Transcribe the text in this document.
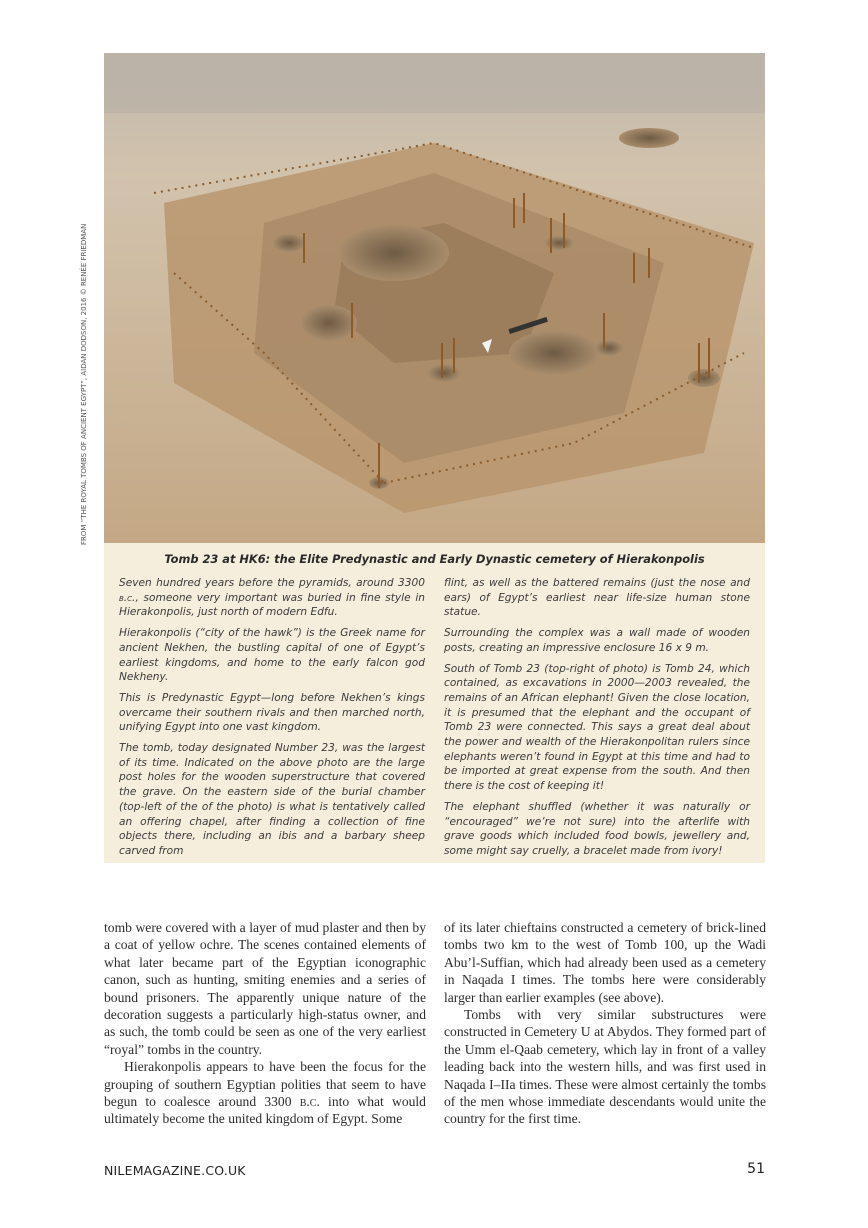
FROM “THE ROYAL TOMBS OF ANCIENT EGYPT”, AIDAN DODSON, 2016 © RENÉE FRIEDMAN
Tomb 23 at HK6: the Elite Predynastic and Early Dynastic cemetery of Hierakonpolis

Seven hundred years before the pyramids, around 3300 b.c., someone very important was buried in fine style in Hierakonpolis, just north of modern Edfu.

Hierakonpolis (“city of the hawk”) is the Greek name for ancient Nekhen, the bustling capital of one of Egypt’s earliest kingdoms, and home to the early falcon god Nekheny.

This is Predynastic Egypt—long before Nekhen’s kings overcame their southern rivals and then marched north, unifying Egypt into one vast kingdom.

The tomb, today designated Number 23, was the largest of its time. Indicated on the above photo are the large post holes for the wooden superstructure that covered the grave. On the eastern side of the burial chamber (top-left of the of the photo) is what is tentatively called an offering chapel, after finding a collection of fine objects there, including an ibis and a barbary sheep carved from

flint, as well as the battered remains (just the nose and ears) of Egypt’s earliest near life-size human stone statue.

Surrounding the complex was a wall made of wooden posts, creating an impressive enclosure 16 x 9 m.

South of Tomb 23 (top-right of photo) is Tomb 24, which contained, as excavations in 2000—2003 revealed, the remains of an African elephant! Given the close location, it is presumed that the elephant and the occupant of Tomb 23 were connected. This says a great deal about the power and wealth of the Hierakonpolitan rulers since elephants weren’t found in Egypt at this time and had to be imported at great expense from the south. And then there is the cost of keeping it!

The elephant shuffled (whether it was naturally or “encouraged” we’re not sure) into the afterlife with grave goods which included food bowls, jewellery and, some might say cruelly, a bracelet made from ivory!

tomb were covered with a layer of mud plaster and then by a coat of yellow ochre. The scenes contained elements of what later became part of the Egyptian iconographic canon, such as hunting, smiting enemies and a series of bound prisoners. The apparently unique nature of the decoration suggests a particularly high-status owner, and as such, the tomb could be seen as one of the very earliest “royal” tombs in the country.

Hierakonpolis appears to have been the focus for the grouping of southern Egyptian polities that seem to have begun to coalesce around 3300 b.c. into what would ultimately become the united kingdom of Egypt. Some

of its later chieftains constructed a cemetery of brick-lined tombs two km to the west of Tomb 100, up the Wadi Abu’l-Suffian, which had already been used as a cemetery in Naqada I times. The tombs here were considerably larger than earlier examples (see above).

Tombs with very similar substructures were constructed in Cemetery U at Abydos. They formed part of the Umm el-Qaab cemetery, which lay in front of a valley leading back into the western hills, and was first used in Naqada I–IIa times. These were almost certainly the tombs of the men whose immediate descendants would unite the country for the first time.

NILEMAGAZINE.CO.UK	51
